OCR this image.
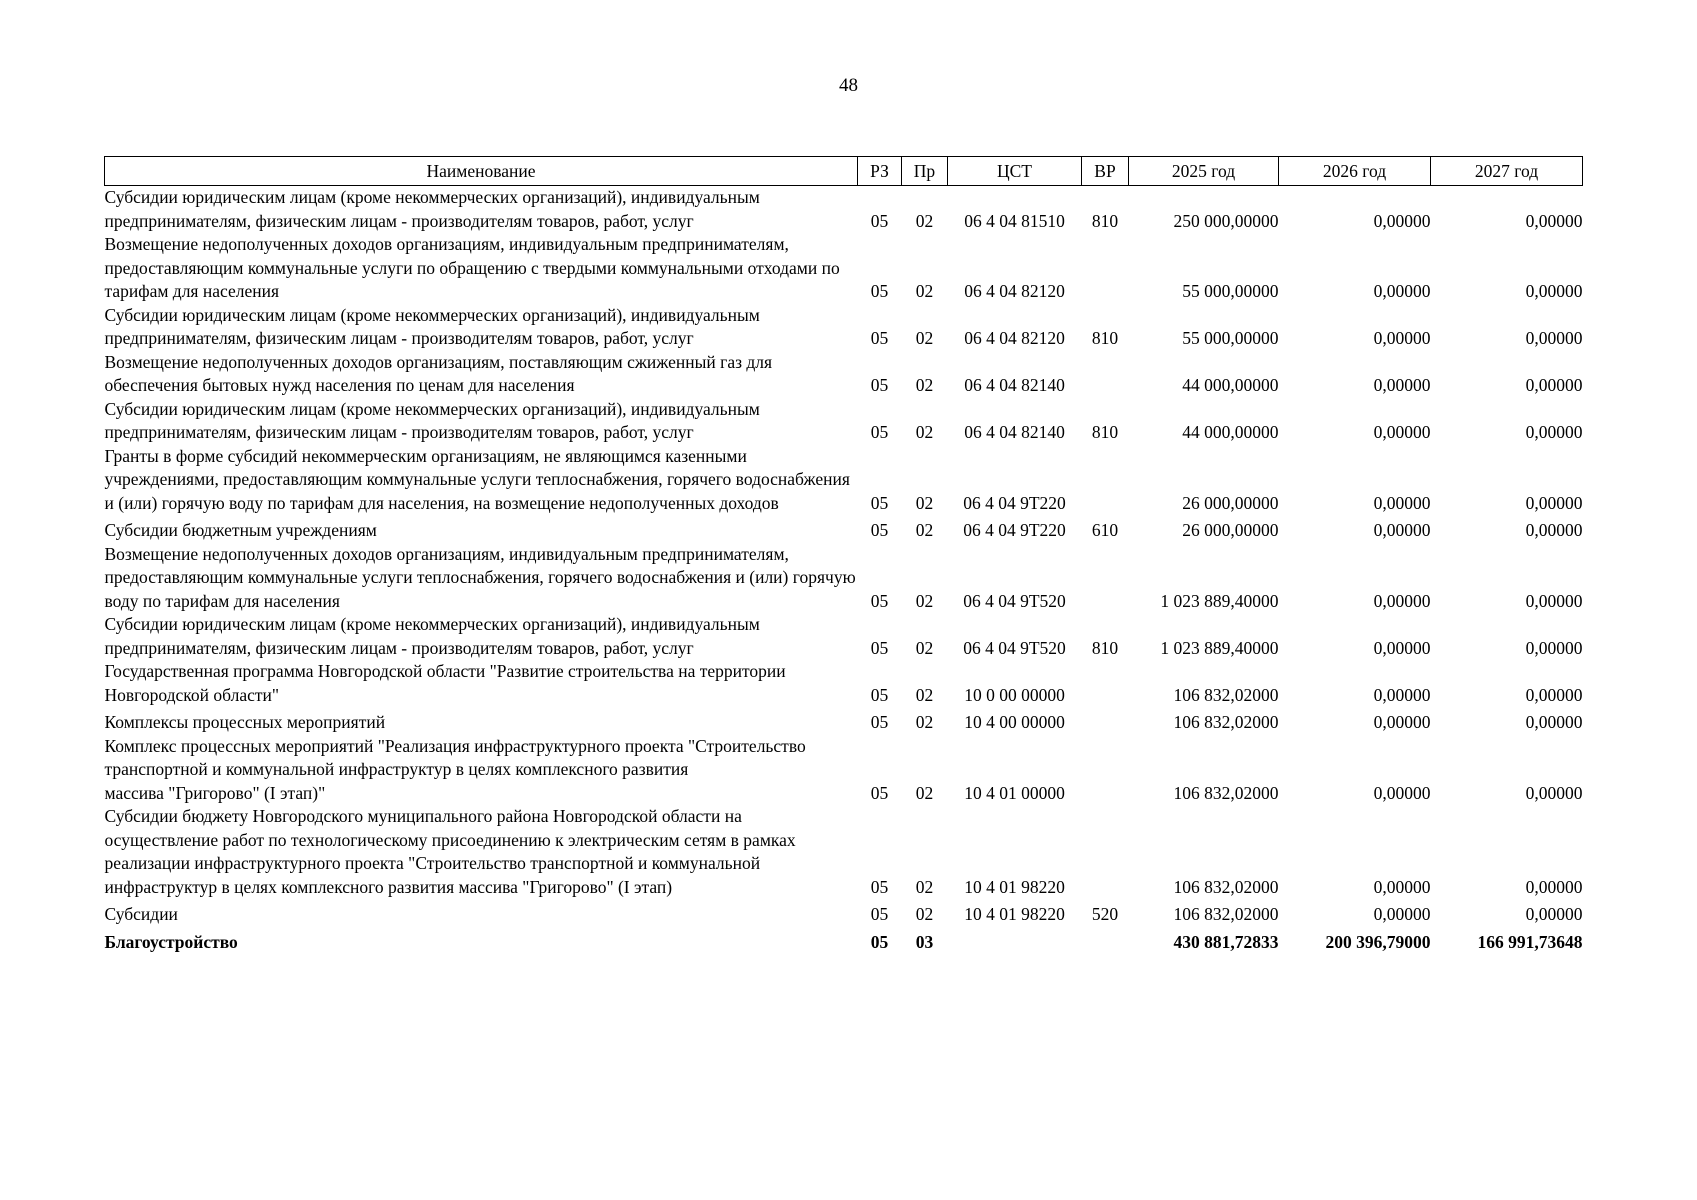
48
Наименование	РЗ	Пр	ЦСТ	ВР	2025 год	2026 год	2027 год
Субсидии юридическим лицам (кроме некоммерческих организаций), индивидуальным предпринимателям, физическим лицам - производителям товаров, работ, услуг	05	02	06 4 04 81510	810	250 000,00000	0,00000	0,00000
Возмещение недополученных доходов организациям, индивидуальным предпринимателям, предоставляющим коммунальные услуги по обращению с твердыми коммунальными отходами по тарифам для населения	05	02	06 4 04 82120		55 000,00000	0,00000	0,00000
Субсидии юридическим лицам (кроме некоммерческих организаций), индивидуальным предпринимателям, физическим лицам - производителям товаров, работ, услуг	05	02	06 4 04 82120	810	55 000,00000	0,00000	0,00000
Возмещение недополученных доходов организациям, поставляющим сжиженный газ для обеспечения бытовых нужд населения по ценам для населения	05	02	06 4 04 82140		44 000,00000	0,00000	0,00000
Субсидии юридическим лицам (кроме некоммерческих организаций), индивидуальным предпринимателям, физическим лицам - производителям товаров, работ, услуг	05	02	06 4 04 82140	810	44 000,00000	0,00000	0,00000
Гранты в форме субсидий некоммерческим организациям, не являющимся казенными учреждениями, предоставляющим коммунальные услуги теплоснабжения, горячего водоснабжения и (или) горячую воду по тарифам для населения, на возмещение недополученных доходов	05	02	06 4 04 9Т220		26 000,00000	0,00000	0,00000
Субсидии бюджетным учреждениям	05	02	06 4 04 9Т220	610	26 000,00000	0,00000	0,00000
Возмещение недополученных доходов организациям, индивидуальным предпринимателям, предоставляющим коммунальные услуги теплоснабжения, горячего водоснабжения и (или) горячую воду по тарифам для населения	05	02	06 4 04 9Т520		1 023 889,40000	0,00000	0,00000
Субсидии юридическим лицам (кроме некоммерческих организаций), индивидуальным предпринимателям, физическим лицам - производителям товаров, работ, услуг	05	02	06 4 04 9Т520	810	1 023 889,40000	0,00000	0,00000
Государственная программа Новгородской области "Развитие строительства на территории Новгородской области"	05	02	10 0 00 00000		106 832,02000	0,00000	0,00000
Комплексы процессных мероприятий	05	02	10 4 00 00000		106 832,02000	0,00000	0,00000
Комплекс процессных мероприятий "Реализация инфраструктурного проекта "Строительство транспортной и коммунальной инфраструктур в целях комплексного развития
массива "Григорово" (I этап)"	05	02	10 4 01 00000		106 832,02000	0,00000	0,00000
Субсидии бюджету Новгородского муниципального района Новгородской области на осуществление работ по технологическому присоединению к электрическим сетям в рамках реализации инфраструктурного проекта "Строительство транспортной и коммунальной инфраструктур в целях комплексного развития массива "Григорово" (I этап)	05	02	10 4 01 98220		106 832,02000	0,00000	0,00000
Субсидии	05	02	10 4 01 98220	520	106 832,02000	0,00000	0,00000
Благоустройство	05	03			430 881,72833	200 396,79000	166 991,73648
